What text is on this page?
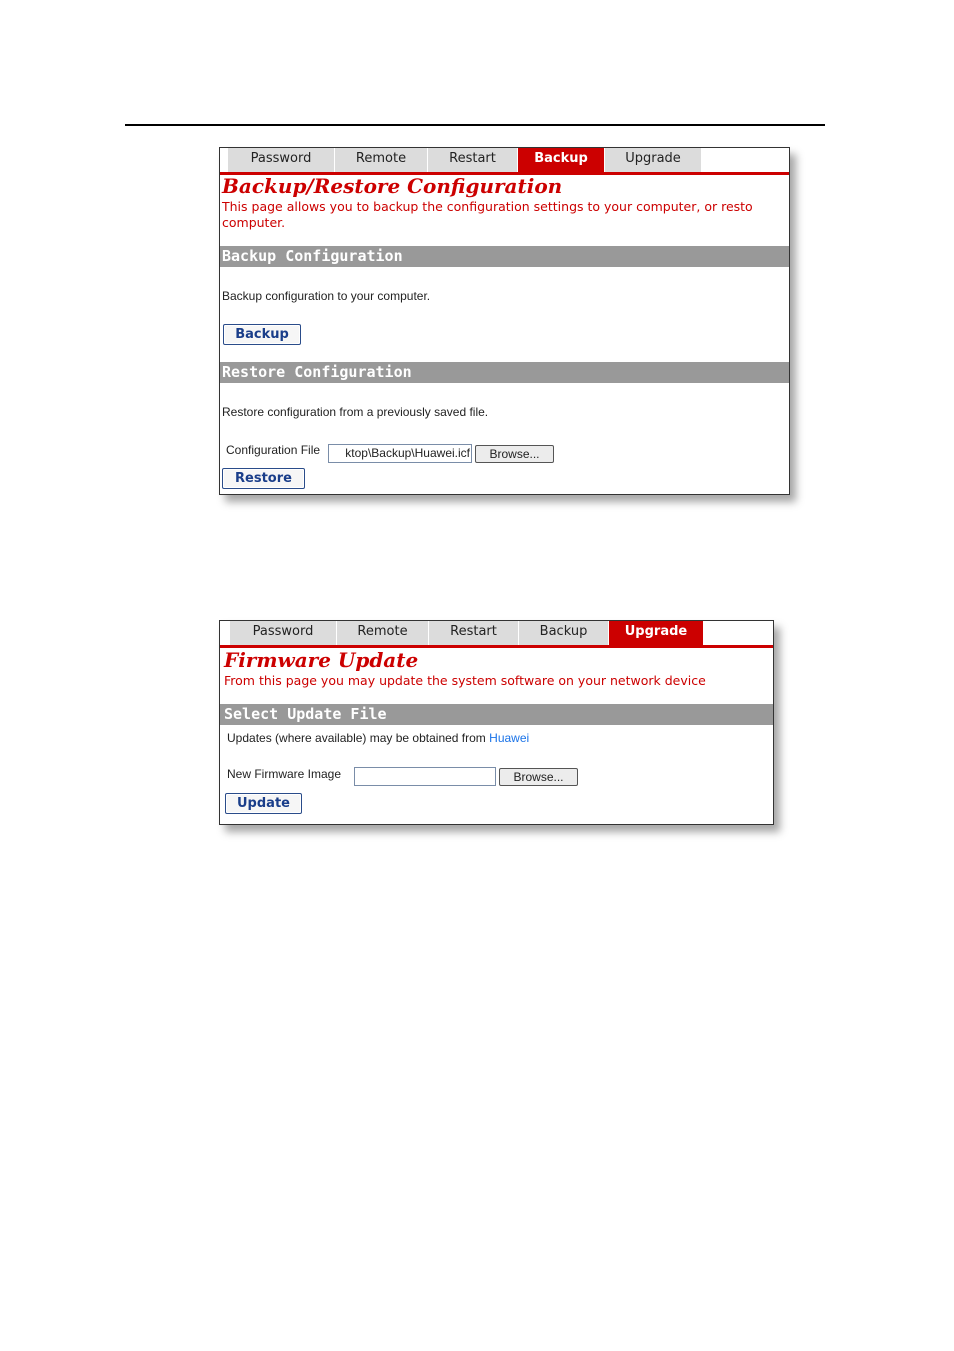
Password	Remote	Restart	Backup	Upgrade
Backup/Restore Configuration
This page allows you to backup the configuration settings to your computer, or resto
computer.
Backup Configuration
Backup configuration to your computer.
Backup
Restore Configuration
Restore configuration from a previously saved file.
Configuration File	ktop\Backup\Huawei.icf	Browse...
Restore
Password	Remote	Restart	Backup	Upgrade
Firmware Update
From this page you may update the system software on your network device
Select Update File
Updates (where available) may be obtained from Huawei
New Firmware Image	Browse...
Update
